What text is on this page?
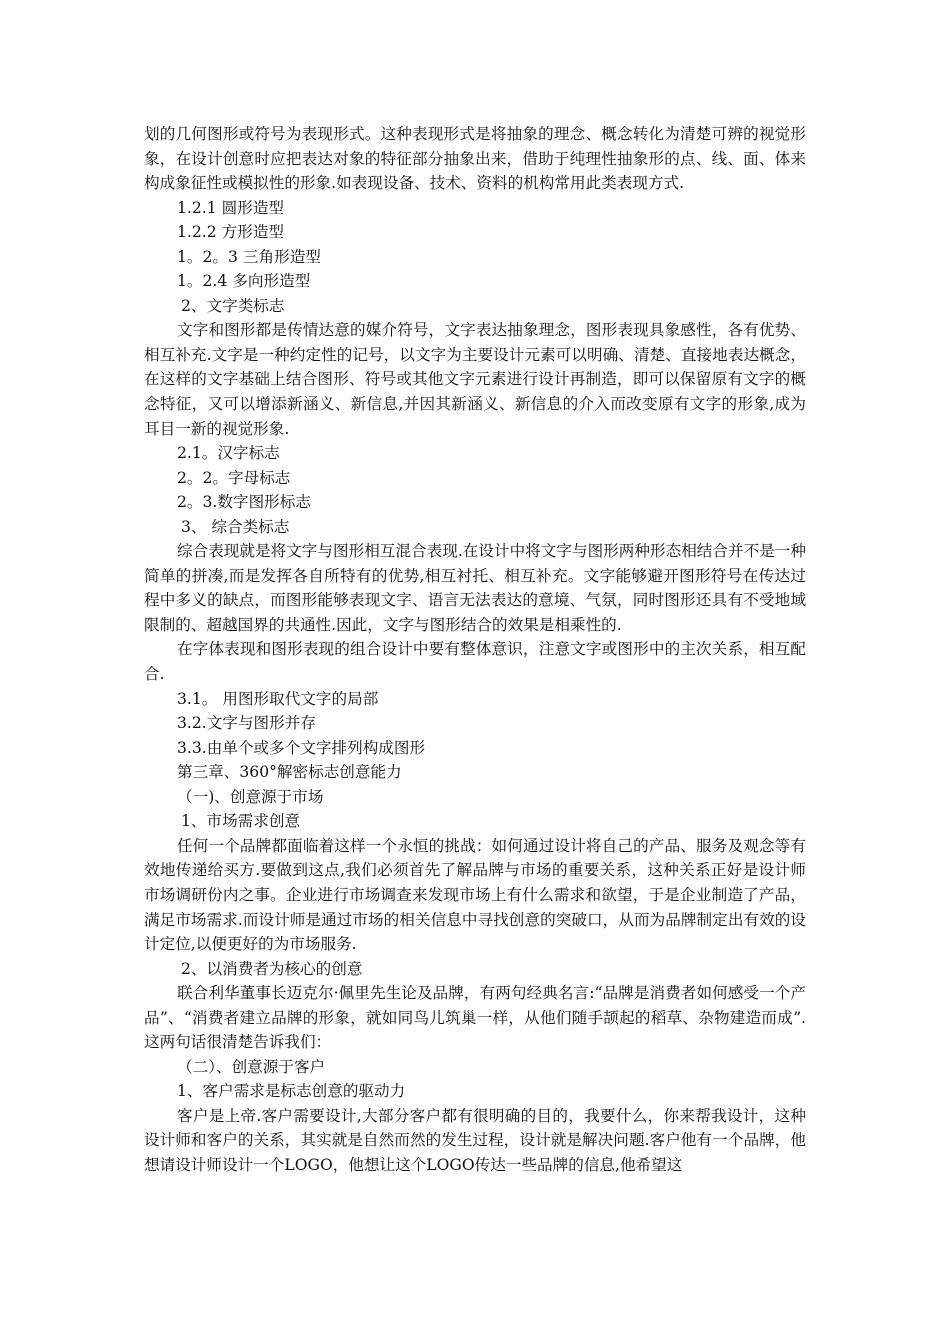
划的几何图形或符号为表现形式。这种表现形式是将抽象的理念、概念转化为清楚可辨的视觉形象，在设计创意时应把表达对象的特征部分抽象出来，借助于纯理性抽象形的点、线、面、体来构成象征性或模拟性的形象.如表现设备、技术、资料的机构常用此类表现方式.

1.2.1 圆形造型

1.2.2 方形造型

1。2。3 三角形造型

1。2.4 多向形造型

2、文字类标志

文字和图形都是传情达意的媒介符号，文字表达抽象理念，图形表现具象感性，各有优势、相互补充.文字是一种约定性的记号，以文字为主要设计元素可以明确、清楚、直接地表达概念，在这样的文字基础上结合图形、符号或其他文字元素进行设计再制造，即可以保留原有文字的概念特征，又可以增添新涵义、新信息,并因其新涵义、新信息的介入而改变原有文字的形象,成为耳目一新的视觉形象.

2.1。汉字标志

2。2。字母标志

2。3.数字图形标志

3、 综合类标志

综合表现就是将文字与图形相互混合表现.在设计中将文字与图形两种形态相结合并不是一种简单的拼凑,而是发挥各自所特有的优势,相互衬托、相互补充。文字能够避开图形符号在传达过程中多义的缺点，而图形能够表现文字、语言无法表达的意境、气氛，同时图形还具有不受地域限制的、超越国界的共通性.因此，文字与图形结合的效果是相乘性的.

在字体表现和图形表现的组合设计中要有整体意识，注意文字或图形中的主次关系，相互配合.

3.1。 用图形取代文字的局部

3.2.文字与图形并存

3.3.由单个或多个文字排列构成图形

第三章、360°解密标志创意能力

（一)、创意源于市场

1、市场需求创意

任何一个品牌都面临着这样一个永恒的挑战：如何通过设计将自己的产品、服务及观念等有效地传递给买方.要做到这点,我们必须首先了解品牌与市场的重要关系，这种关系正好是设计师市场调研份内之事。企业进行市场调查来发现市场上有什么需求和欲望，于是企业制造了产品，满足市场需求.而设计师是通过市场的相关信息中寻找创意的突破口，从而为品牌制定出有效的设计定位,以便更好的为市场服务.

2、以消费者为核心的创意

联合利华董事长迈克尔·佩里先生论及品牌，有两句经典名言:“品牌是消费者如何感受一个产品”、“消费者建立品牌的形象，就如同鸟儿筑巢一样，从他们随手颉起的稻草、杂物建造而成”.这两句话很清楚告诉我们：

（二）、创意源于客户

1、客户需求是标志创意的驱动力

客户是上帝.客户需要设计,大部分客户都有很明确的目的，我要什么，你来帮我设计，这种设计师和客户的关系，其实就是自然而然的发生过程，设计就是解决问题.客户他有一个品牌，他想请设计师设计一个LOGO，他想让这个LOGO传达一些品牌的信息,他希望这
